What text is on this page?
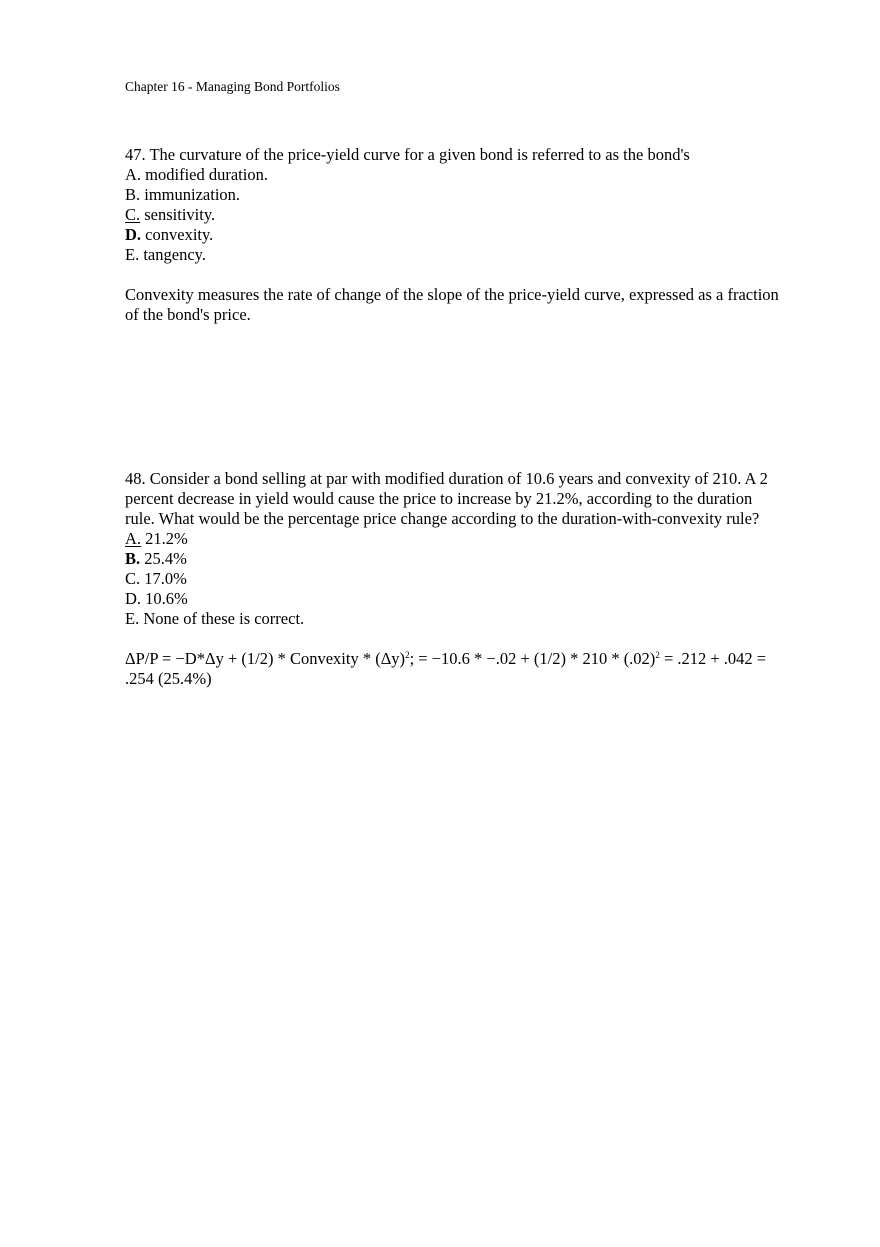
Chapter 16 - Managing Bond Portfolios

47. The curvature of the price-yield curve for a given bond is referred to as the bond's

A. modified duration.
B. immunization.
C. sensitivity.
D. convexity.
E. tangency.

Convexity measures the rate of change of the slope of the price-yield curve, expressed as a fraction of the bond's price.

48. Consider a bond selling at par with modified duration of 10.6 years and convexity of 210. A 2 percent decrease in yield would cause the price to increase by 21.2%, according to the duration rule. What would be the percentage price change according to the duration-with-convexity rule?

A. 21.2%
B. 25.4%
C. 17.0%
D. 10.6%
E. None of these is correct.

ΔP/P = −D*Δy + (1/2) * Convexity * $(\Delta y)^2$; = $-10.6 * -.02 + (1/2) * 210 * (.02)^2 = .212 + .042 = .254$ (25.4%)
